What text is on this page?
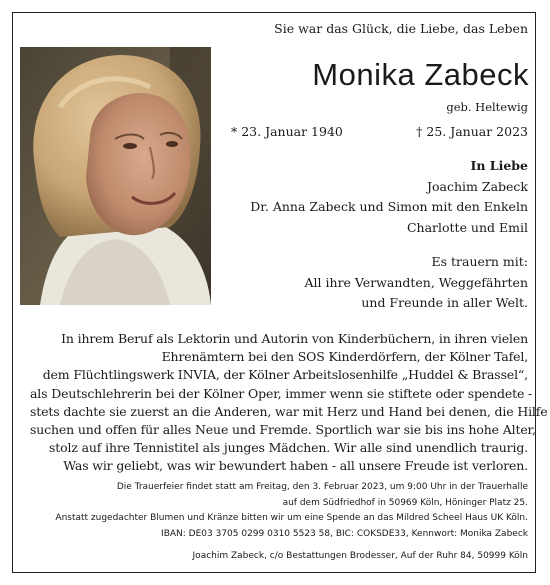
Sie war das Glück, die Liebe, das Leben
Monika Zabeck
geb. Heltewig
* 23. Januar 1940	† 25. Januar 2023
In Liebe
Joachim Zabeck
Dr. Anna Zabeck und Simon mit den Enkeln
Charlotte und Emil
Es trauern mit:
All ihre Verwandten, Weggefährten
und Freunde in aller Welt.
In ihrem Beruf als Lektorin und Autorin von Kinderbüchern, in ihren vielen
Ehrenämtern bei den SOS Kinderdörfern, der Kölner Tafel,
dem Flüchtlingswerk INVIA, der Kölner Arbeitslosenhilfe „Huddel & Brassel“,
als Deutschlehrerin bei der Kölner Oper, immer wenn sie stiftete oder spendete -
stets dachte sie zuerst an die Anderen, war mit Herz und Hand bei denen, die Hilfe
suchen und offen für alles Neue und Fremde. Sportlich war sie bis ins hohe Alter,
stolz auf ihre Tennistitel als junges Mädchen. Wir alle sind unendlich traurig.
Was wir geliebt, was wir bewundert haben - all unsere Freude ist verloren.
Die Trauerfeier findet statt am Freitag, den 3. Februar 2023, um 9:00 Uhr in der Trauerhalle
auf dem Südfriedhof in 50969 Köln, Höninger Platz 25.
Anstatt zugedachter Blumen und Kränze bitten wir um eine Spende an das Mildred Scheel Haus UK Köln.
IBAN: DE03 3705 0299 0310 5523 58, BIC: COKSDE33, Kennwort: Monika Zabeck
Joachim Zabeck, c/o Bestattungen Brodesser, Auf der Ruhr 84, 50999 Köln
